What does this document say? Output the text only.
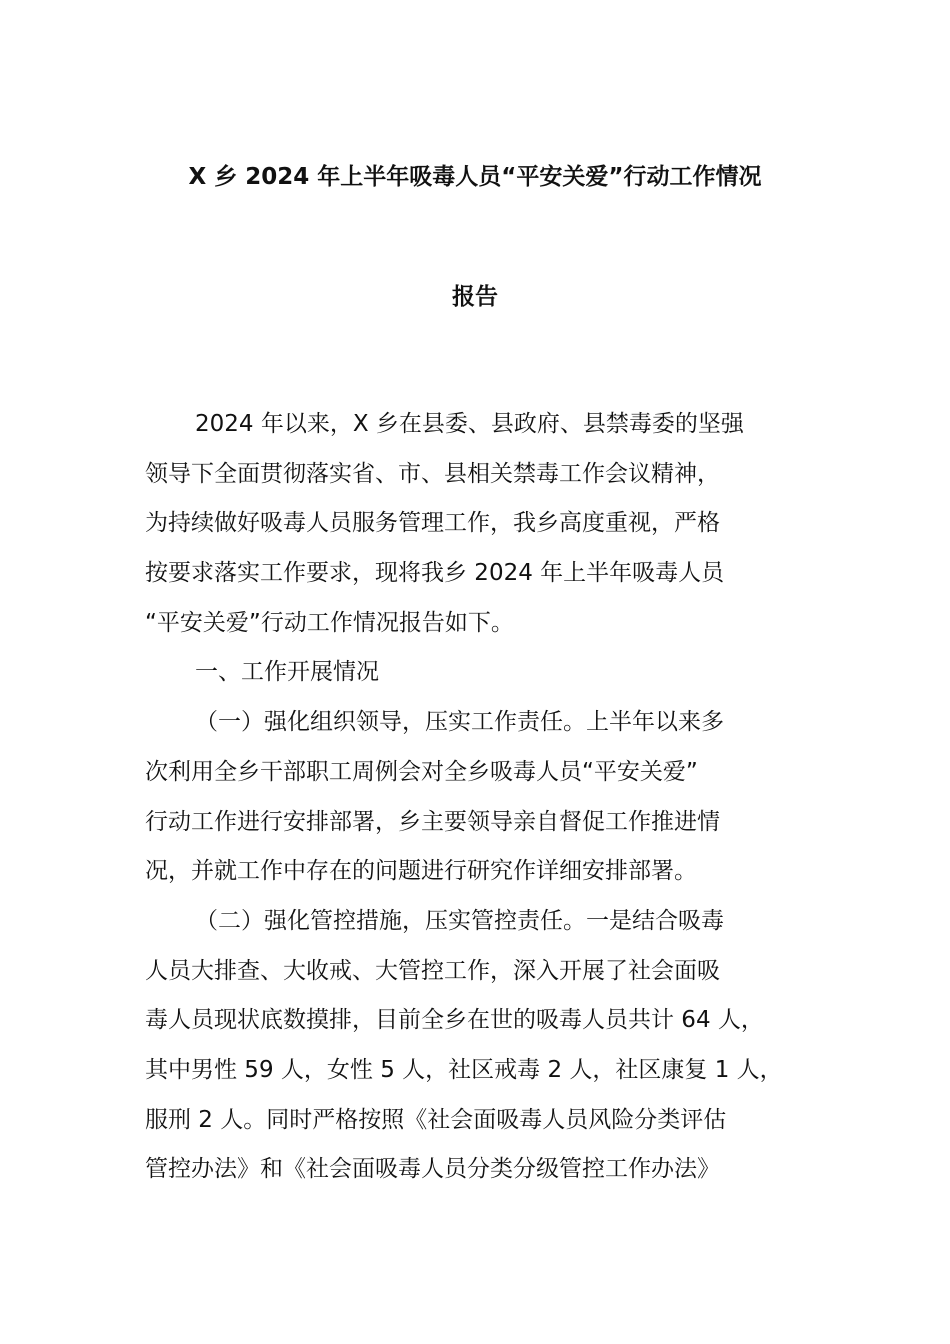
X 乡 2024 年上半年吸毒人员“平安关爱”行动工作情况
报告

2024 年以来，X 乡在县委、县政府、县禁毒委的坚强

领导下全面贯彻落实省、市、县相关禁毒工作会议精神，

为持续做好吸毒人员服务管理工作，我乡高度重视，严格

按要求落实工作要求，现将我乡 2024 年上半年吸毒人员

“平安关爱”行动工作情况报告如下。

一、工作开展情况

（一）强化组织领导，压实工作责任。上半年以来多

次利用全乡干部职工周例会对全乡吸毒人员“平安关爱”

行动工作进行安排部署，乡主要领导亲自督促工作推进情

况，并就工作中存在的问题进行研究作详细安排部署。

（二）强化管控措施，压实管控责任。一是结合吸毒

人员大排查、大收戒、大管控工作，深入开展了社会面吸

毒人员现状底数摸排，目前全乡在世的吸毒人员共计 64 人，

其中男性 59 人，女性 5 人，社区戒毒 2 人，社区康复 1 人，

服刑 2 人。同时严格按照《社会面吸毒人员风险分类评估

管控办法》和《社会面吸毒人员分类分级管控工作办法》
